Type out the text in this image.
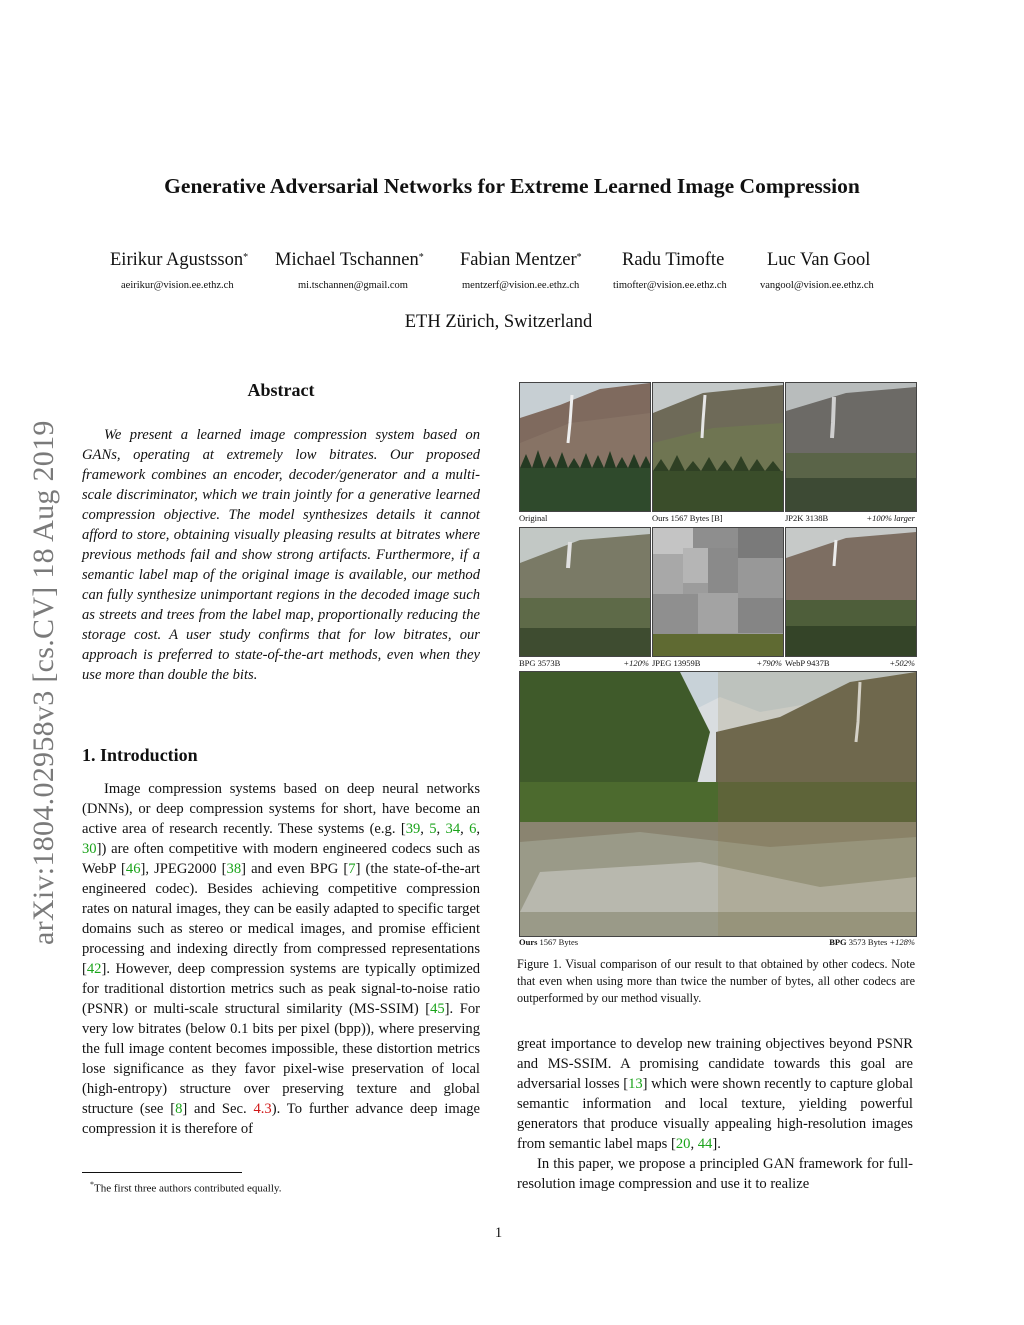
arXiv:1804.02958v3 [cs.CV] 18 Aug 2019
Generative Adversarial Networks for Extreme Learned Image Compression
Eirikur Agustsson* Michael Tschannen* Fabian Mentzer* Radu Timofte Luc Van Gool
aeirikur@vision.ee.ethz.ch	mi.tschannen@gmail.com	mentzerf@vision.ee.ethz.ch	timofter@vision.ee.ethz.ch	vangool@vision.ee.ethz.ch
ETH Zürich, Switzerland
Abstract
We present a learned image compression system based on GANs, operating at extremely low bitrates. Our proposed framework combines an encoder, decoder/generator and a multi-scale discriminator, which we train jointly for a generative learned compression objective. The model synthesizes details it cannot afford to store, obtaining visually pleasing results at bitrates where previous methods fail and show strong artifacts. Furthermore, if a semantic label map of the original image is available, our method can fully synthesize unimportant regions in the decoded image such as streets and trees from the label map, proportionally reducing the storage cost. A user study confirms that for low bitrates, our approach is preferred to state-of-the-art methods, even when they use more than double the bits.
1. Introduction
Image compression systems based on deep neural networks (DNNs), or deep compression systems for short, have become an active area of research recently. These systems (e.g. [39, 5, 34, 6, 30]) are often competitive with modern engineered codecs such as WebP [46], JPEG2000 [38] and even BPG [7] (the state-of-the-art engineered codec). Besides achieving competitive compression rates on natural images, they can be easily adapted to specific target domains such as stereo or medical images, and promise efficient processing and indexing directly from compressed representations [42]. However, deep compression systems are typically optimized for traditional distortion metrics such as peak signal-to-noise ratio (PSNR) or multi-scale structural similarity (MS-SSIM) [45]. For very low bitrates (below 0.1 bits per pixel (bpp)), where preserving the full image content becomes impossible, these distortion metrics lose significance as they favor pixel-wise preservation of local (high-entropy) structure over preserving texture and global structure (see [8] and Sec. 4.3). To further advance deep image compression it is therefore of
*The first three authors contributed equally.
Original	Ours 1567 Bytes [B]	JP2K 3138B	+100% larger
BPG 3573B	+120% JPEG 13959B	+790% WebP 9437B	+502%
Ours 1567 Bytes	BPG 3573 Bytes +128%
Figure 1. Visual comparison of our result to that obtained by other codecs. Note that even when using more than twice the number of bytes, all other codecs are outperformed by our method visually.

great importance to develop new training objectives beyond PSNR and MS-SSIM. A promising candidate towards this goal are adversarial losses [13] which were shown recently to capture global semantic information and local texture, yielding powerful generators that produce visually appealing high-resolution images from semantic label maps [20, 44].

In this paper, we propose a principled GAN framework for full-resolution image compression and use it to realize

1
